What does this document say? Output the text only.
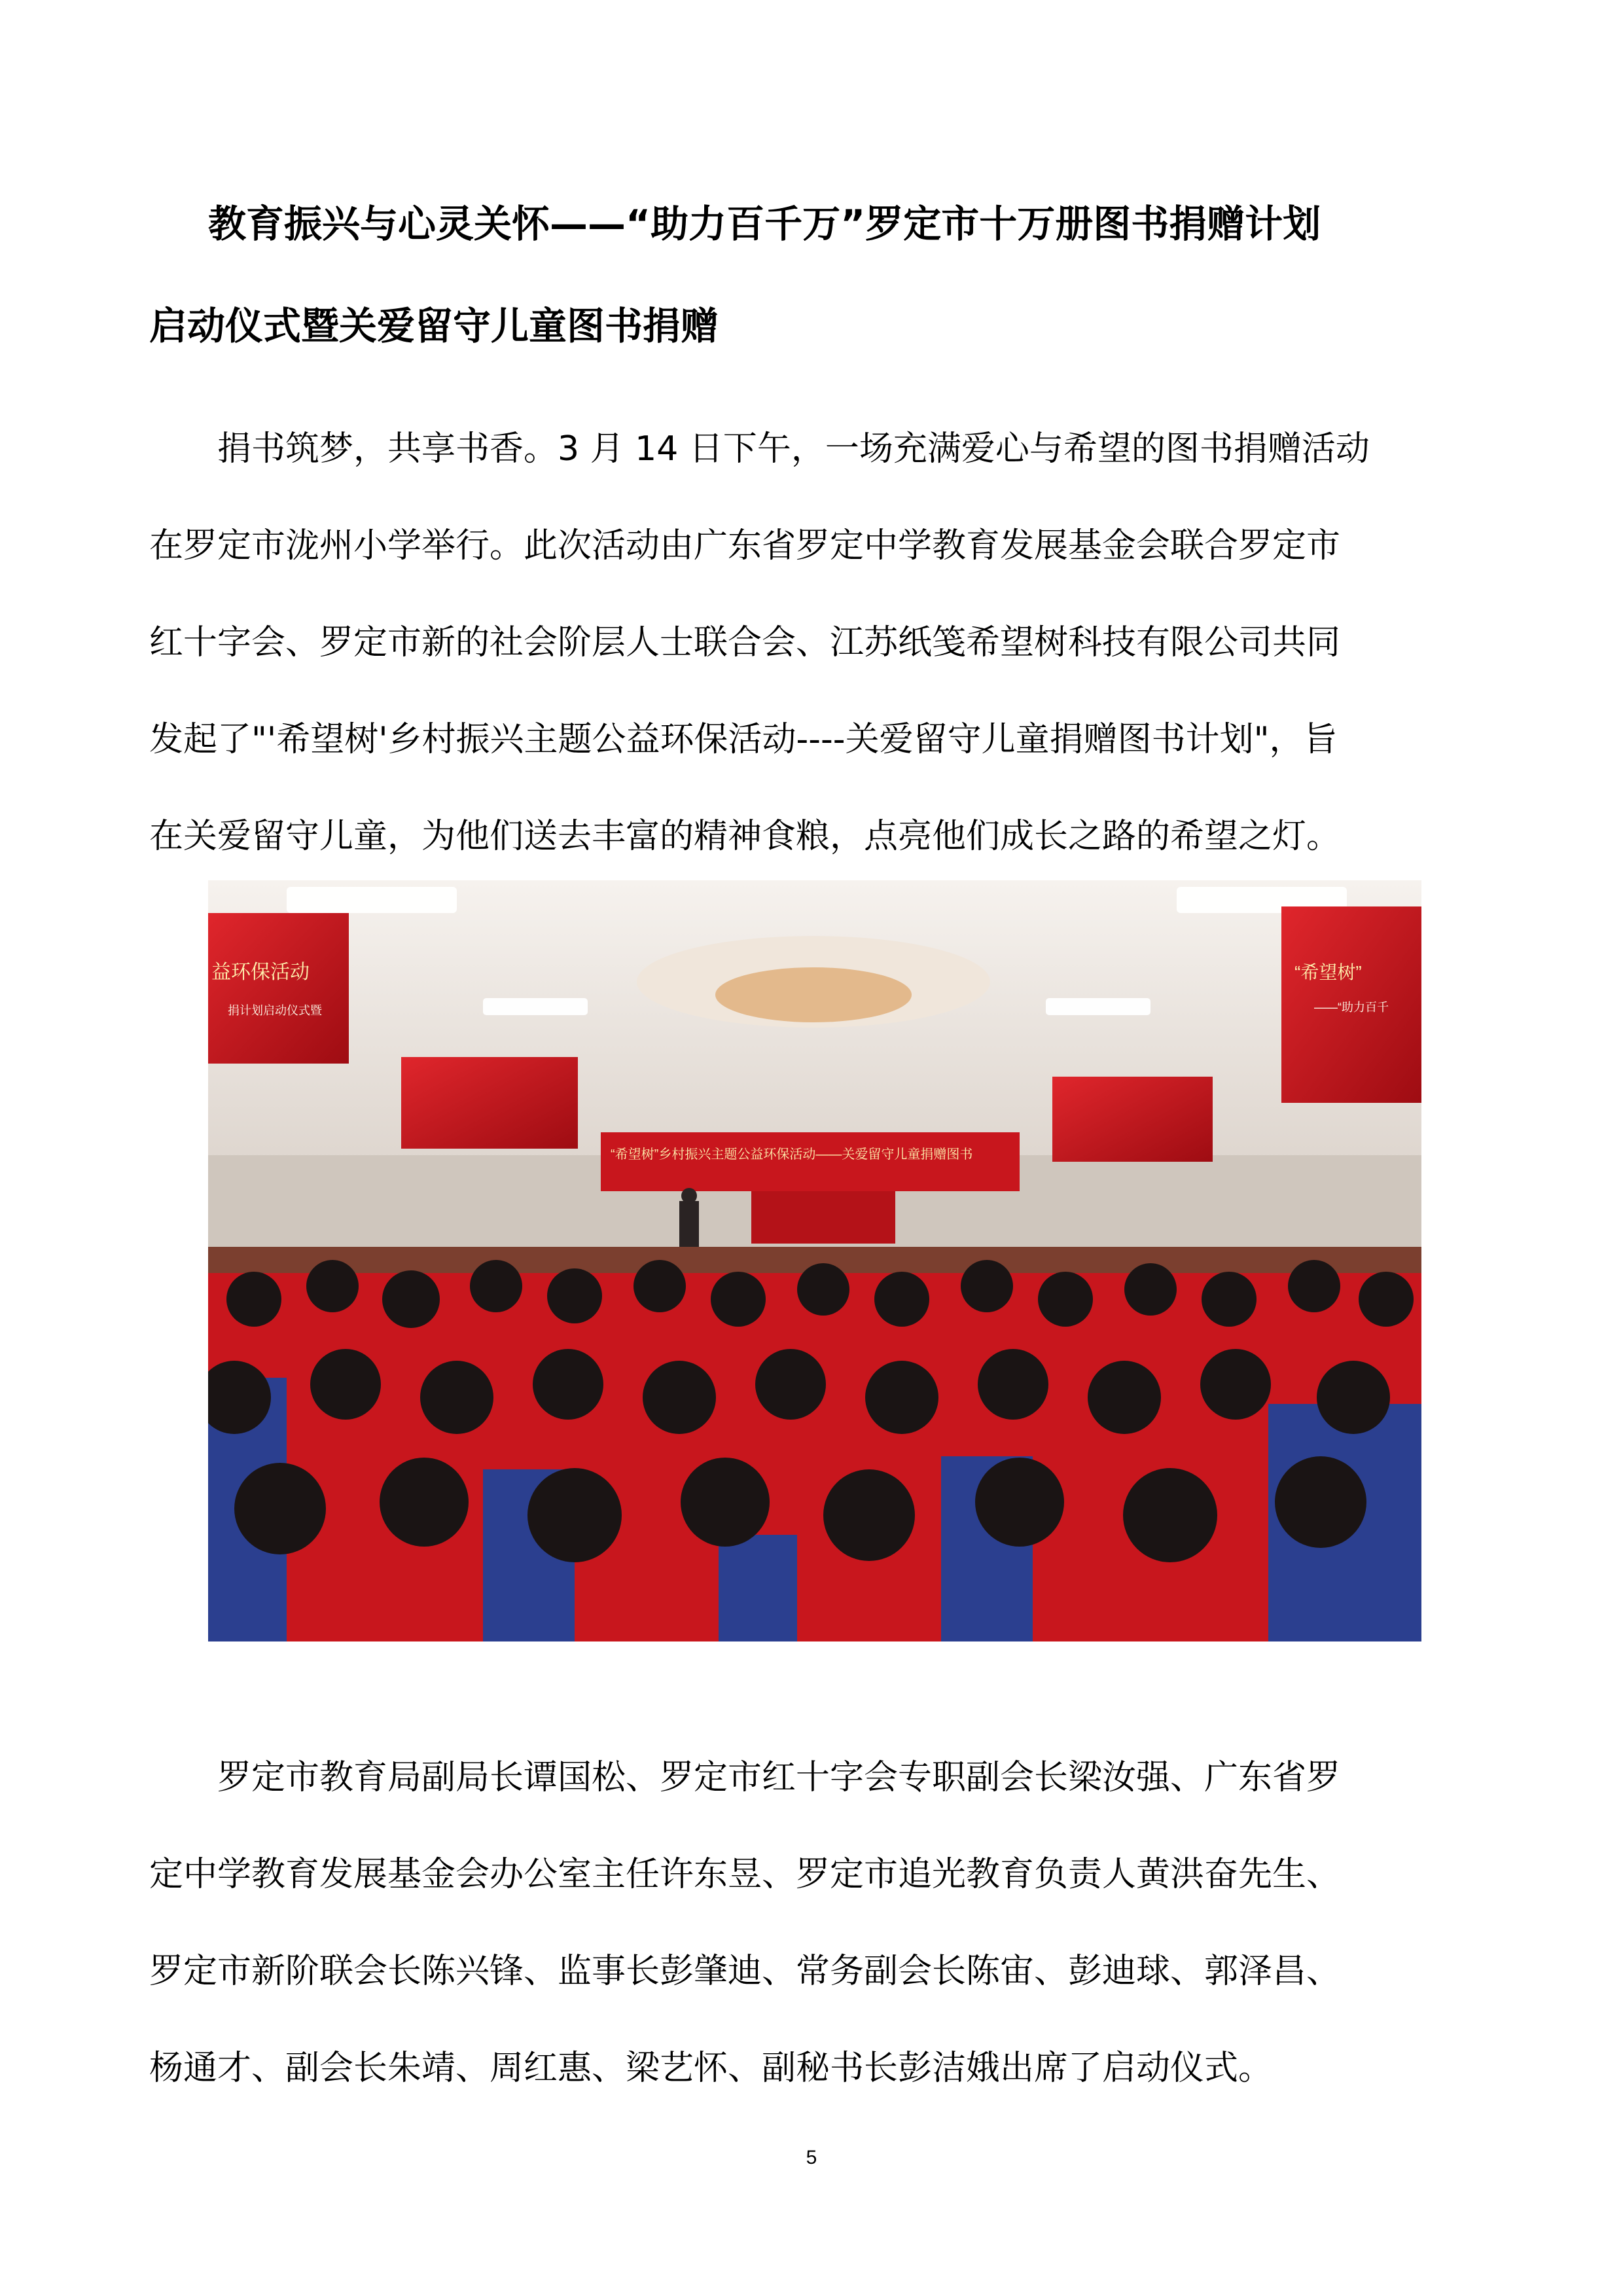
教育振兴与心灵关怀——“助力百千万”罗定市十万册图书捐赠计划
启动仪式暨关爱留守儿童图书捐赠
捐书筑梦，共享书香。3 月 14 日下午，一场充满爱心与希望的图书捐赠活动
在罗定市泷州小学举行。此次活动由广东省罗定中学教育发展基金会联合罗定市
红十字会、罗定市新的社会阶层人士联合会、江苏纸笺希望树科技有限公司共同
发起了"'希望树'乡村振兴主题公益环保活动----关爱留守儿童捐赠图书计划"，旨
在关爱留守儿童，为他们送去丰富的精神食粮，点亮他们成长之路的希望之灯。
益环保活动
捐计划启动仪式暨
“希望树”
——“助力百千
“希望树”乡村振兴主题公益环保活动——关爱留守儿童捐赠图书
罗定市教育局副局长谭国松、罗定市红十字会专职副会长梁汝强、广东省罗
定中学教育发展基金会办公室主任许东昱、罗定市追光教育负责人黄洪奋先生、
罗定市新阶联会长陈兴锋、监事长彭肇迪、常务副会长陈宙、彭迪球、郭泽昌、
杨通才、副会长朱靖、周红惠、梁艺怀、副秘书长彭洁娥出席了启动仪式。
5
